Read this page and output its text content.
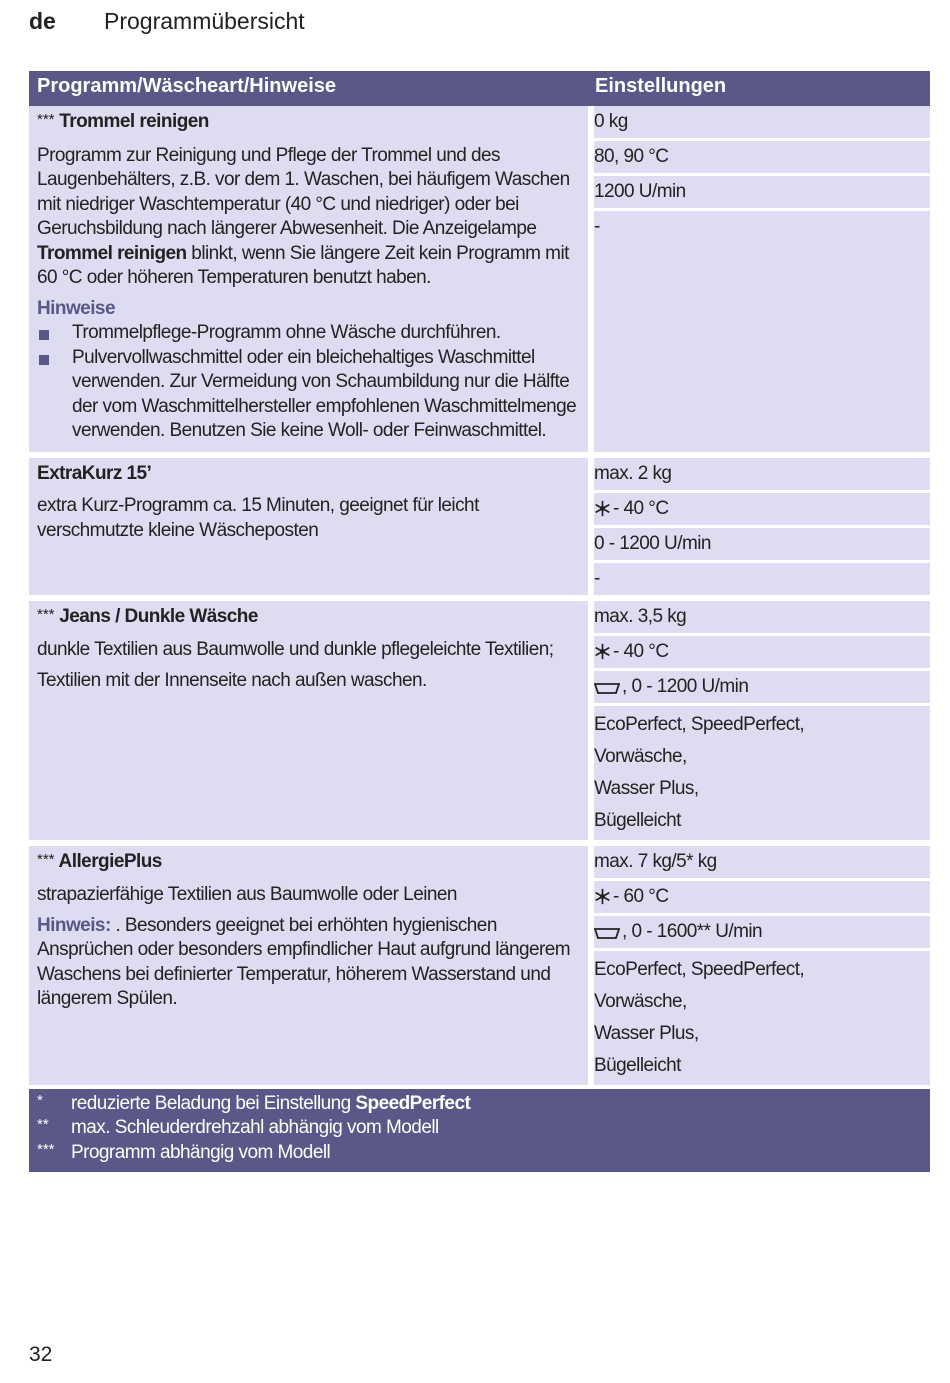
de Programmübersicht
Programm/Wäscheart/Hinweise	Einstellungen
*** Trommel reinigen
Programm zur Reinigung und Pflege der Trommel und des Laugenbehälters, z.B. vor dem 1. Waschen, bei häufigem Waschen mit niedriger Waschtemperatur (40 °C und niedriger) oder bei Geruchsbildung nach längerer Abwesenheit. Die Anzeigelampe Trommel reinigen blinkt, wenn Sie längere Zeit kein Programm mit 60 °C oder höheren Temperaturen benutzt haben.
Hinweise
Trommelpflege-Programm ohne Wäsche durchführen.
Pulvervollwaschmittel oder ein bleichehaltiges Waschmittel verwenden. Zur Vermeidung von Schaumbildung nur die Hälfte der vom Waschmittelhersteller empfohlenen Waschmittelmenge verwenden. Benutzen Sie keine Woll- oder Feinwaschmittel.
0 kg
80, 90 °C
1200 U/min
-
ExtraKurz 15’
extra Kurz-Programm ca. 15 Minuten, geeignet für leicht verschmutzte kleine Wäscheposten
max. 2 kg
- 40 °C
0 - 1200 U/min
-
*** Jeans / Dunkle Wäsche
dunkle Textilien aus Baumwolle und dunkle pflegeleichte Textilien;
Textilien mit der Innenseite nach außen waschen.
max. 3,5 kg
- 40 °C
, 0 - 1200 U/min
EcoPerfect, SpeedPerfect,
Vorwäsche,
Wasser Plus,
Bügelleicht
*** AllergiePlus
strapazierfähige Textilien aus Baumwolle oder Leinen
Hinweis: . Besonders geeignet bei erhöhten hygienischen Ansprüchen oder besonders empfindlicher Haut aufgrund längerem Waschens bei definierter Temperatur, höherem Wasserstand und längerem Spülen.
max. 7 kg/5* kg
- 60 °C
, 0 - 1600** U/min
EcoPerfect, SpeedPerfect,
Vorwäsche,
Wasser Plus,
Bügelleicht
* reduzierte Beladung bei Einstellung SpeedPerfect
** max. Schleuderdrehzahl abhängig vom Modell
*** Programm abhängig vom Modell
32
